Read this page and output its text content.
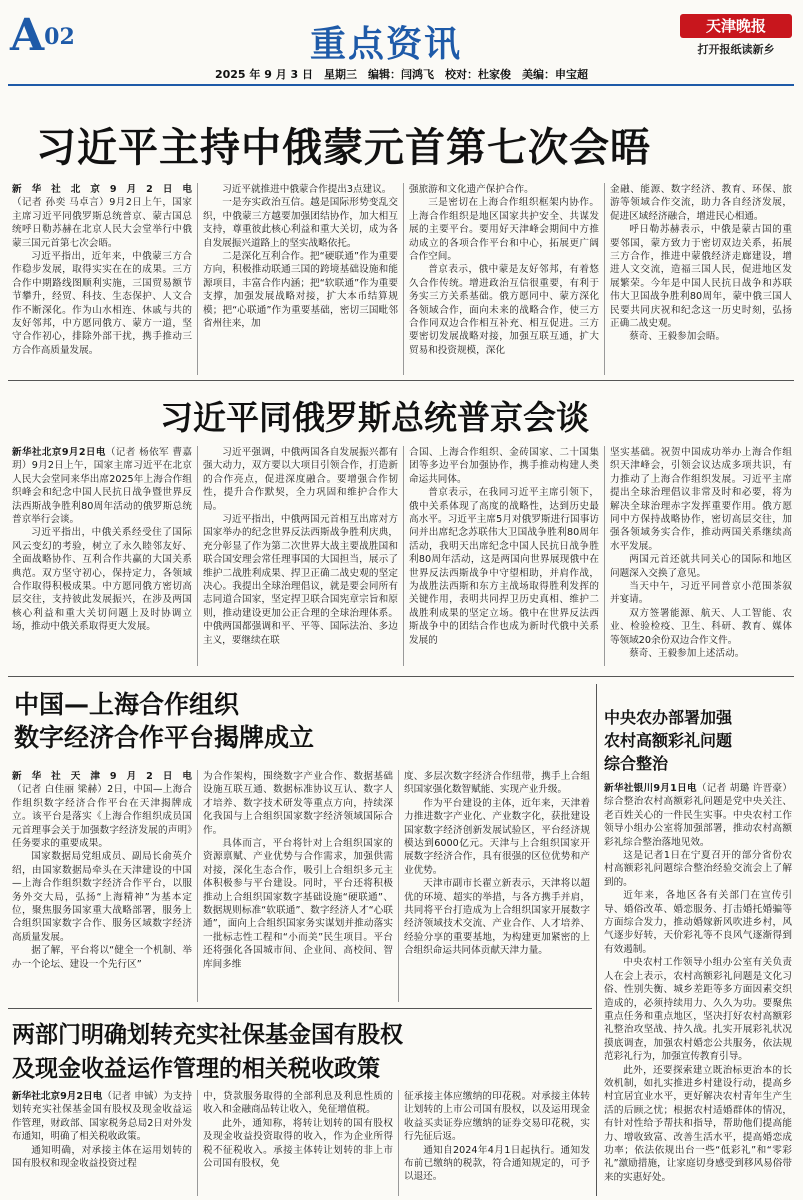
A02	重点资讯	天津晚报
打开报纸读新乡
2025 年 9 月 3 日　星期三　编辑：闫鸿飞　校对：杜家俊　美编：申宝超
习近平主持中俄蒙元首第七次会晤

新华社北京9月2日电（记者 孙奕 马卓言）9月2日上午，国家主席习近平同俄罗斯总统普京、蒙古国总统呼日勒苏赫在北京人民大会堂举行中俄蒙三国元首第七次会晤。

习近平指出，近年来，中俄蒙三方合作稳步发展，取得实实在在的成果。三方合作中期路线图顺利实施，三国贸易额节节攀升，经贸、科技、生态保护、人文合作不断深化。作为山水相连、休戚与共的友好邻邦，中方愿同俄方、蒙方一道，坚守合作初心，排除外部干扰，携手推动三方合作高质量发展。

习近平就推进中俄蒙合作提出3点建议。

一是夯实政治互信。越是国际形势变乱交织，中俄蒙三方越要加强团结协作，加大相互支持，尊重彼此核心利益和重大关切，成为各自发展振兴道路上的坚实战略依托。

二是深化互利合作。把“硬联通”作为重要方向，积极推动联通三国的跨境基础设施和能源项目，丰富合作内涵；把“软联通”作为重要支撑，加强发展战略对接，扩大本币结算规模；把“心联通”作为重要基础，密切三国毗邻省州往来，加

强旅游和文化遗产保护合作。

三是密切在上海合作组织框架内协作。上海合作组织是地区国家共护安全、共谋发展的主要平台。要用好天津峰会期间中方推动成立的各项合作平台和中心，拓展更广阔合作空间。

普京表示，俄中蒙是友好邻邦，有着悠久合作传统。增进政治互信很重要，有利于务实三方关系基础。俄方愿同中、蒙方深化各领域合作，面向未来的战略合作，使三方合作同双边合作相互补充、相互促进。三方要密切发展战略对接，加强互联互通，扩大贸易和投资规模，深化

金融、能源、数字经济、教育、环保、旅游等领域合作交流，助力各自经济发展，促进区域经济融合，增进民心相通。

呼日勒苏赫表示，中俄是蒙古国的重要邻国，蒙方致力于密切双边关系，拓展三方合作，推进中蒙俄经济走廊建设，增进人文交流，造福三国人民，促进地区发展繁荣。今年是中国人民抗日战争和苏联伟大卫国战争胜利80周年，蒙中俄三国人民要共同庆祝和纪念这一历史时刻，弘扬正确二战史观。

蔡奇、王毅参加会晤。

习近平同俄罗斯总统普京会谈

新华社北京9月2日电（记者 杨依军 曹嘉玥）9月2日上午，国家主席习近平在北京人民大会堂同来华出席2025年上海合作组织峰会和纪念中国人民抗日战争暨世界反法西斯战争胜利80周年活动的俄罗斯总统普京举行会谈。

习近平指出，中俄关系经受住了国际风云变幻的考验，树立了永久睦邻友好、全面战略协作、互利合作共赢的大国关系典范。双方坚守初心，保持定力，各领域合作取得积极成果。中方愿同俄方密切高层交往，支持彼此发展振兴，在涉及两国核心利益和重大关切问题上及时协调立场，推动中俄关系取得更大发展。

习近平强调，中俄两国各自发展振兴都有强大动力，双方要以大项目引领合作，打造新的合作亮点，促进深度融合。要增强合作韧性，提升合作默契，全力巩固和维护合作大局。

习近平指出，中俄两国元首相互出席对方国家举办的纪念世界反法西斯战争胜利庆典，充分彰显了作为第二次世界大战主要战胜国和联合国安理会常任理事国的大国担当，展示了维护二战胜利成果、捍卫正确二战史观的坚定决心。我提出全球治理倡议，就是要会同所有志同道合国家，坚定捍卫联合国宪章宗旨和原则，推动建设更加公正合理的全球治理体系。中俄两国都强调和平、平等、国际法治、多边主义，要继续在联

合国、上海合作组织、金砖国家、二十国集团等多边平台加强协作，携手推动构建人类命运共同体。

普京表示，在我同习近平主席引领下，俄中关系体现了高度的战略性，达到历史最高水平。习近平主席5月对俄罗斯进行国事访问并出席纪念苏联伟大卫国战争胜利80周年活动，我明天出席纪念中国人民抗日战争胜利80周年活动，这是两国向世界展现俄中在世界反法西斯战争中守望相助，并肩作战，为战胜法西斯和东方主战场取得胜利发挥的关键作用，表明共同捍卫历史真相、维护二战胜利成果的坚定立场。俄中在世界反法西斯战争中的团结合作也成为新时代俄中关系发展的

坚实基础。祝贺中国成功举办上海合作组织天津峰会，引领会议达成多项共识，有力推动了上海合作组织发展。习近平主席提出全球治理倡议非常及时和必要，将为解决全球治理赤字发挥重要作用。俄方愿同中方保持战略协作，密切高层交往，加强各领域务实合作，推动两国关系继续高水平发展。

两国元首还就共同关心的国际和地区问题深入交换了意见。

当天中午，习近平同普京小范围茶叙并宴请。

双方签署能源、航天、人工智能、农业、检验检疫、卫生、科研、教育、媒体等领域20余份双边合作文件。

蔡奇、王毅参加上述活动。

中国—上海合作组织
数字经济合作平台揭牌成立

新华社天津9月2日电（记者 白佳丽 梁赫）2日，中国—上海合作组织数字经济合作平台在天津揭牌成立。该平台是落实《上海合作组织成员国元首理事会关于加强数字经济发展的声明》任务要求的重要成果。

国家数据局党组成员、副局长俞英介绍，由国家数据局牵头在天津建设的中国—上海合作组织数字经济合作平台，以服务外交大局，弘扬“上海精神”为基本定位，聚焦服务国家重大战略部署，服务上合组织国家数字合作、服务区域数字经济高质量发展。

据了解，平台将以“健全一个机制、举办一个论坛、建设一个先行区”

为合作架构，围绕数字产业合作、数据基础设施互联互通、数据标准协议互认、数字人才培养、数字技术研发等重点方向，持续深化我国与上合组织国家数字经济领域国际合作。

具体而言，平台将针对上合组织国家的资源禀赋、产业优势与合作需求，加强供需对接，深化生态合作，吸引上合组织多元主体积极参与平台建设。同时，平台还将积极推动上合组织国家数字基础设施“硬联通”、数据规则标准“软联通”、数字经济人才“心联通”，面向上合组织国家务实谋划并推动落实一批标志性工程和“小而美”民生项目。平台还将强化各国城市间、企业间、高校间、智库间多维

度、多层次数字经济合作纽带，携手上合组织国家强化数智赋能、实现产业升级。

作为平台建设的主体，近年来，天津着力推进数字产业化、产业数字化，获批建设国家数字经济创新发展试验区，平台经济规模达到6000亿元。天津与上合组织国家开展数字经济合作，具有很强的区位优势和产业优势。

天津市副市长翟立新表示，天津将以超优的环境、超实的举措，与各方携手并肩，共同将平台打造成为上合组织国家开展数字经济领域技术交流、产业合作、人才培养、经验分享的重要基地，为构建更加紧密的上合组织命运共同体贡献天津力量。

中央农办部署加强
农村高额彩礼问题
综合整治

新华社银川9月1日电（记者 胡璐 许晋豪）综合整治农村高额彩礼问题是党中央关注、老百姓关心的一件民生实事。中央农村工作领导小组办公室将加强部署，推动农村高额彩礼综合整治落地见效。

这是记者1日在宁夏召开的部分省份农村高额彩礼问题综合整治经验交流会上了解到的。

近年来，各地区各有关部门在宣传引导、婚俗改革、婚恋服务、打击婚托婚骗等方面综合发力，推动婚嫁新风吹进乡村，风气逐步好转，天价彩礼等不良风气逐渐得到有效遏制。

中央农村工作领导小组办公室有关负责人在会上表示，农村高额彩礼问题是文化习俗、性别失衡、城乡差距等多方面因素交织造成的，必须持续用力、久久为功。要聚焦重点任务和重点地区，坚决打好农村高额彩礼整治攻坚战、持久战。扎实开展彩礼状况摸底调查，加强农村婚恋公共服务，依法规范彩礼行为，加强宣传教育引导。

此外，还要探索建立既治标更治本的长效机制，如扎实推进乡村建设行动，提高乡村宜居宜业水平，更好解决农村青年生产生活的后顾之忧；根据农村适婚群体的情况，有针对性给予帮扶和指导，帮助他们提高能力、增收致富、改善生活水平，提高婚恋成功率；依法依规出台一些“低彩礼”和“零彩礼”激励措施，让家庭切身感受到移风易俗带来的实惠好处。

两部门明确划转充实社保基金国有股权
及现金收益运作管理的相关税收政策

新华社北京9月2日电（记者 申铖）为支持划转充实社保基金国有股权及现金收益运作管理，财政部、国家税务总局2日对外发布通知，明确了相关税收政策。

通知明确，对承接主体在运用划转的国有股权和现金收益投资过程

中，贷款服务取得的全部利息及利息性质的收入和金融商品转让收入，免征增值税。

此外，通知称，将转让划转的国有股权及现金收益投资取得的收入，作为企业所得税不征税收入。承接主体转让划转的非上市公司国有股权，免

征承接主体应缴纳的印花税。对承接主体转让划转的上市公司国有股权，以及运用现金收益买卖证券应缴纳的证券交易印花税，实行先征后返。

通知自2024年4月1日起执行。通知发布前已缴纳的税款，符合通知规定的，可予以退还。
